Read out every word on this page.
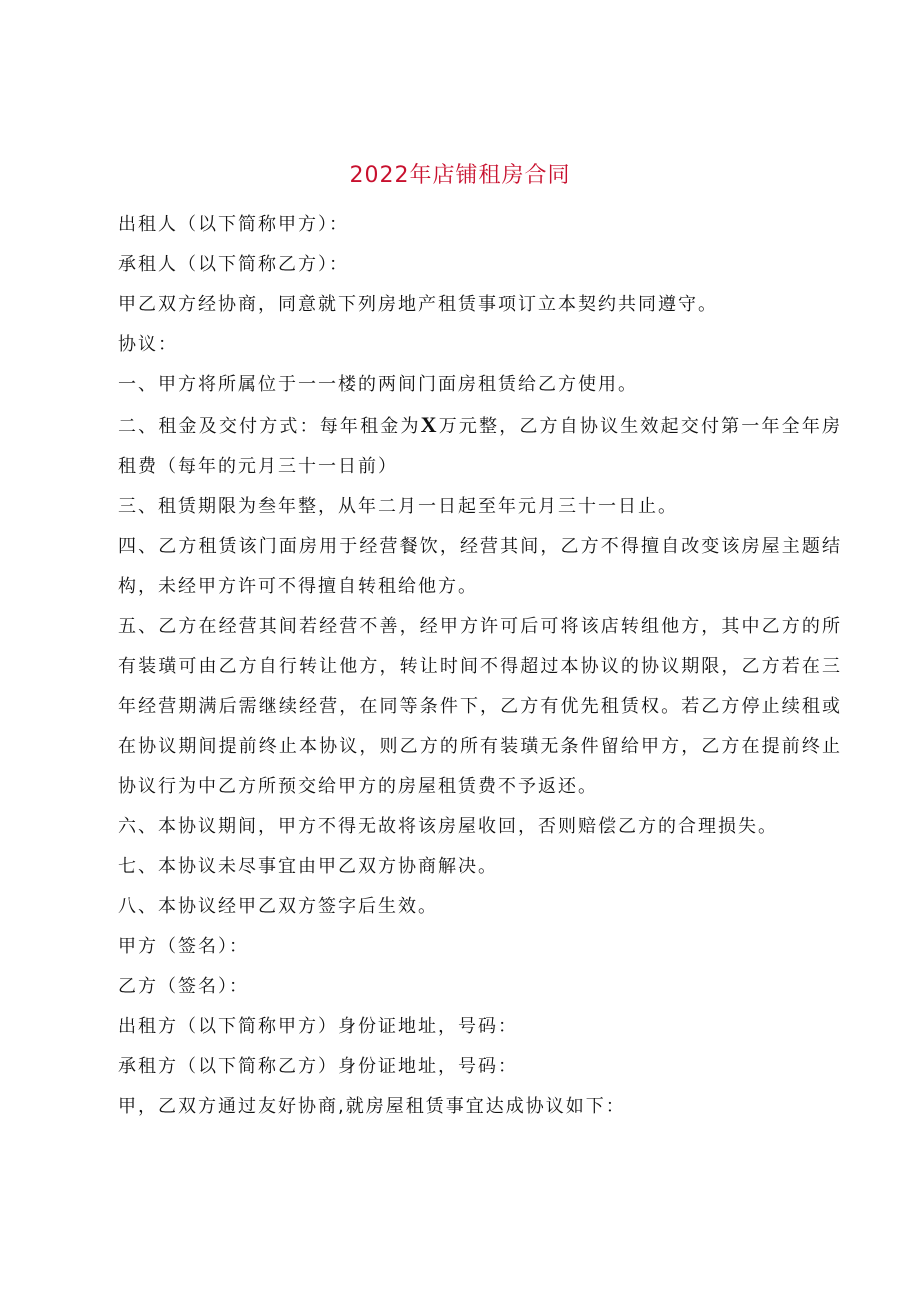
2022年店铺租房合同

出租人（以下简称甲方）：

承租人（以下简称乙方）：

甲乙双方经协商，同意就下列房地产租赁事项订立本契约共同遵守。

协议：

一、甲方将所属位于一一楼的两间门面房租赁给乙方使用。

二、租金及交付方式：每年租金为X万元整，乙方自协议生效起交付第一年全年房租费（每年的元月三十一日前）

三、租赁期限为叁年整，从年二月一日起至年元月三十一日止。

四、乙方租赁该门面房用于经营餐饮，经营其间，乙方不得擅自改变该房屋主题结构，未经甲方许可不得擅自转租给他方。

五、乙方在经营其间若经营不善，经甲方许可后可将该店转组他方，其中乙方的所有装璜可由乙方自行转让他方，转让时间不得超过本协议的协议期限，乙方若在三年经营期满后需继续经营，在同等条件下，乙方有优先租赁权。若乙方停止续租或在协议期间提前终止本协议，则乙方的所有装璜无条件留给甲方，乙方在提前终止协议行为中乙方所预交给甲方的房屋租赁费不予返还。

六、本协议期间，甲方不得无故将该房屋收回，否则赔偿乙方的合理损失。

七、本协议未尽事宜由甲乙双方协商解决。

八、本协议经甲乙双方签字后生效。

甲方（签名）：

乙方（签名）：

出租方（以下简称甲方）身份证地址，号码：

承租方（以下简称乙方）身份证地址，号码：

甲，乙双方通过友好协商,就房屋租赁事宜达成协议如下：
